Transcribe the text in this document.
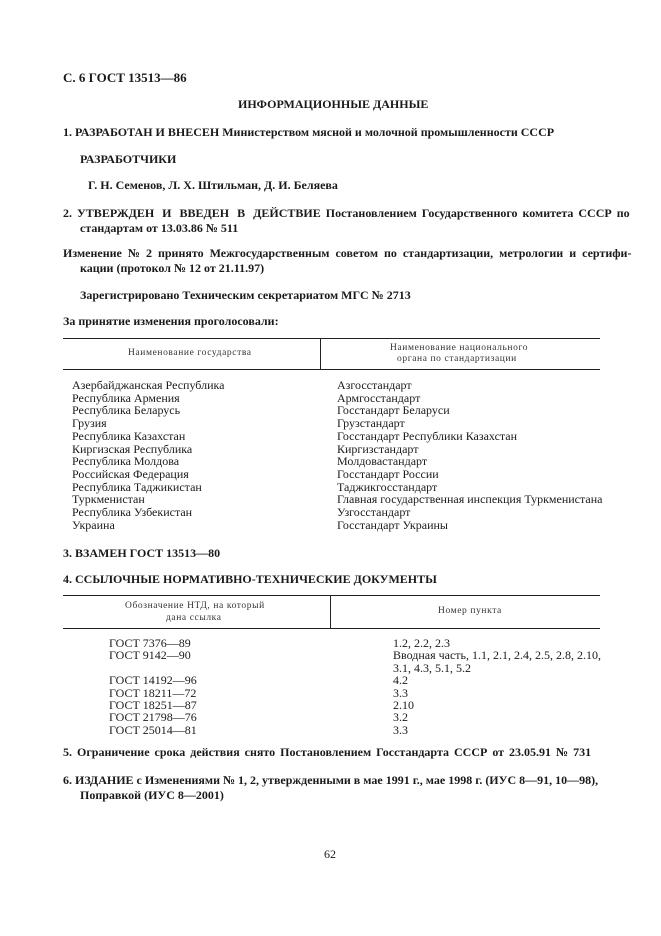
С. 6 ГОСТ 13513—86
ИНФОРМАЦИОННЫЕ ДАННЫЕ
1. РАЗРАБОТАН И ВНЕСЕН Министерством мясной и молочной промышленности СССР
РАЗРАБОТЧИКИ
Г. Н. Семенов, Л. Х. Штильман, Д. И. Беляева
2. УТВЕРЖДЕН И ВВЕДЕН В ДЕЙСТВИЕ Постановлением Государственного комитета СССР по
стандартам от 13.03.86 № 511
Изменение № 2 принято Межгосударственным советом по стандартизации, метрологии и сертифи-
кации (протокол № 12 от 21.11.97)
Зарегистрировано Техническим секретариатом МГС № 2713
За принятие изменения проголосовали:
Наименование государства	Наименование национального
органа по стандартизации
Азербайджанская Республика
Республика Армения
Республика Беларусь
Грузия
Республика Казахстан
Киргизская Республика
Республика Молдова
Российская Федерация
Республика Таджикистан
Туркменистан
Республика Узбекистан
Украина
Азгосстандарт
Армгосстандарт
Госстандарт Беларуси
Грузстандарт
Госстандарт Республики Казахстан
Киргизстандарт
Молдовастандарт
Госстандарт России
Таджикгосстандарт
Главная государственная инспекция Туркменистана
Узгосстандарт
Госстандарт Украины
3. ВЗАМЕН ГОСТ 13513—80
4. ССЫЛОЧНЫЕ НОРМАТИВНО-ТЕХНИЧЕСКИЕ ДОКУМЕНТЫ
Обозначение НТД, на который
дана ссылка
Номер пункта
ГОСТ 7376—89
ГОСТ 9142—90

ГОСТ 14192—96
ГОСТ 18211—72
ГОСТ 18251—87
ГОСТ 21798—76
ГОСТ 25014—81
1.2, 2.2, 2.3
Вводная часть, 1.1, 2.1, 2.4, 2.5, 2.8, 2.10,
3.1, 4.3, 5.1, 5.2
4.2
3.3
2.10
3.2
3.3
5. Ограничение срока действия снято Постановлением Госстандарта СССР от 23.05.91 № 731
6. ИЗДАНИЕ с Изменениями № 1, 2, утвержденными в мае 1991 г., мае 1998 г. (ИУС 8—91, 10—98),
Поправкой (ИУС 8—2001)
62
